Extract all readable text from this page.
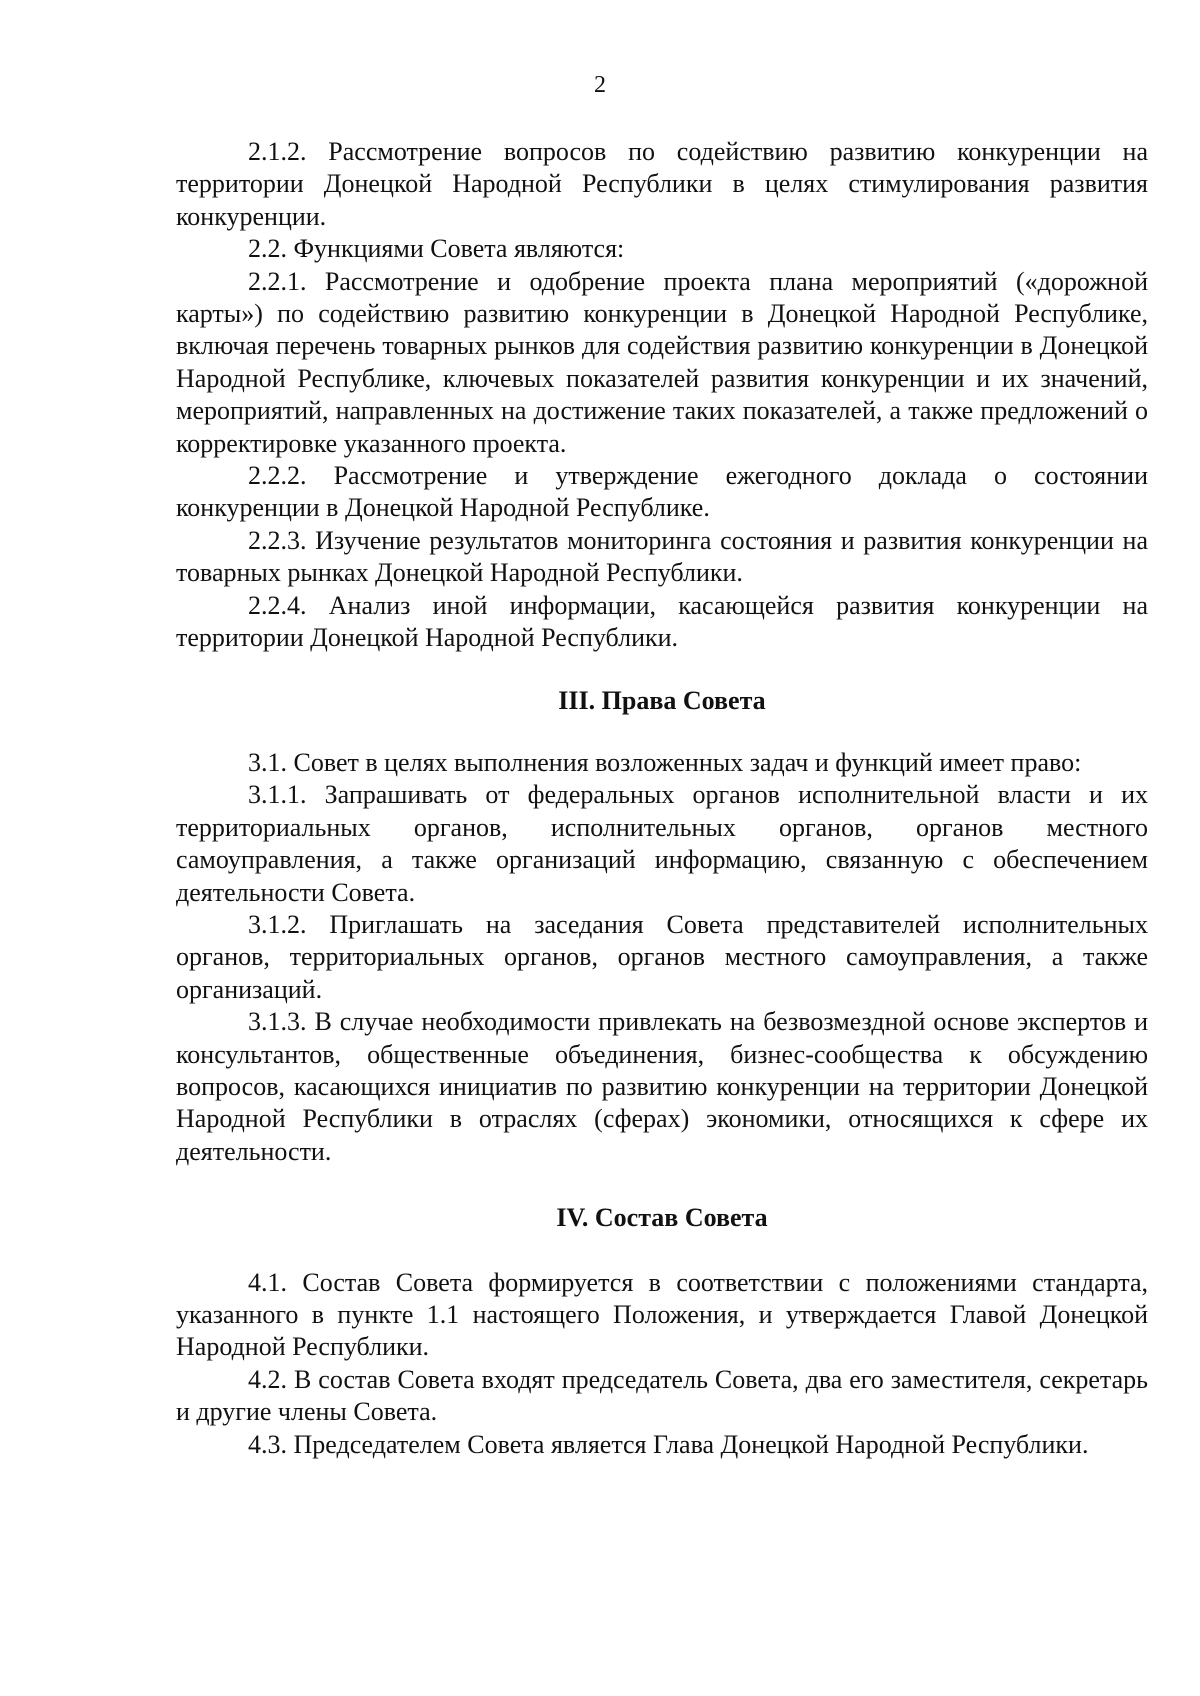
2

2.1.2. Рассмотрение вопросов по содействию развитию конкуренции на территории Донецкой Народной Республики в целях стимулирования развития конкуренции.

2.2. Функциями Совета являются:

2.2.1. Рассмотрение и одобрение проекта плана мероприятий («дорожной карты») по содействию развитию конкуренции в Донецкой Народной Республике, включая перечень товарных рынков для содействия развитию конкуренции в Донецкой Народной Республике, ключевых показателей развития конкуренции и их значений, мероприятий, направленных на достижение таких показателей, а также предложений о корректировке указанного проекта.

2.2.2. Рассмотрение и утверждение ежегодного доклада о состоянии конкуренции в Донецкой Народной Республике.

2.2.3. Изучение результатов мониторинга состояния и развития конкуренции на товарных рынках Донецкой Народной Республики.

2.2.4. Анализ иной информации, касающейся развития конкуренции на территории Донецкой Народной Республики.

III. Права Совета

3.1. Совет в целях выполнения возложенных задач и функций имеет право:

3.1.1. Запрашивать от федеральных органов исполнительной власти и их территориальных органов, исполнительных органов, органов местного самоуправления, а также организаций информацию, связанную с обеспечением деятельности Совета.

3.1.2. Приглашать на заседания Совета представителей исполнительных органов, территориальных органов, органов местного самоуправления, а также организаций.

3.1.3. В случае необходимости привлекать на безвозмездной основе экспертов и консультантов, общественные объединения, бизнес-сообщества к обсуждению вопросов, касающихся инициатив по развитию конкуренции на территории Донецкой Народной Республики в отраслях (сферах) экономики, относящихся к сфере их деятельности.

IV. Состав Совета

4.1. Состав Совета формируется в соответствии с положениями стандарта, указанного в пункте 1.1 настоящего Положения, и утверждается Главой Донецкой Народной Республики.

4.2. В состав Совета входят председатель Совета, два его заместителя, секретарь и другие члены Совета.

4.3. Председателем Совета является Глава Донецкой Народной Республики.
